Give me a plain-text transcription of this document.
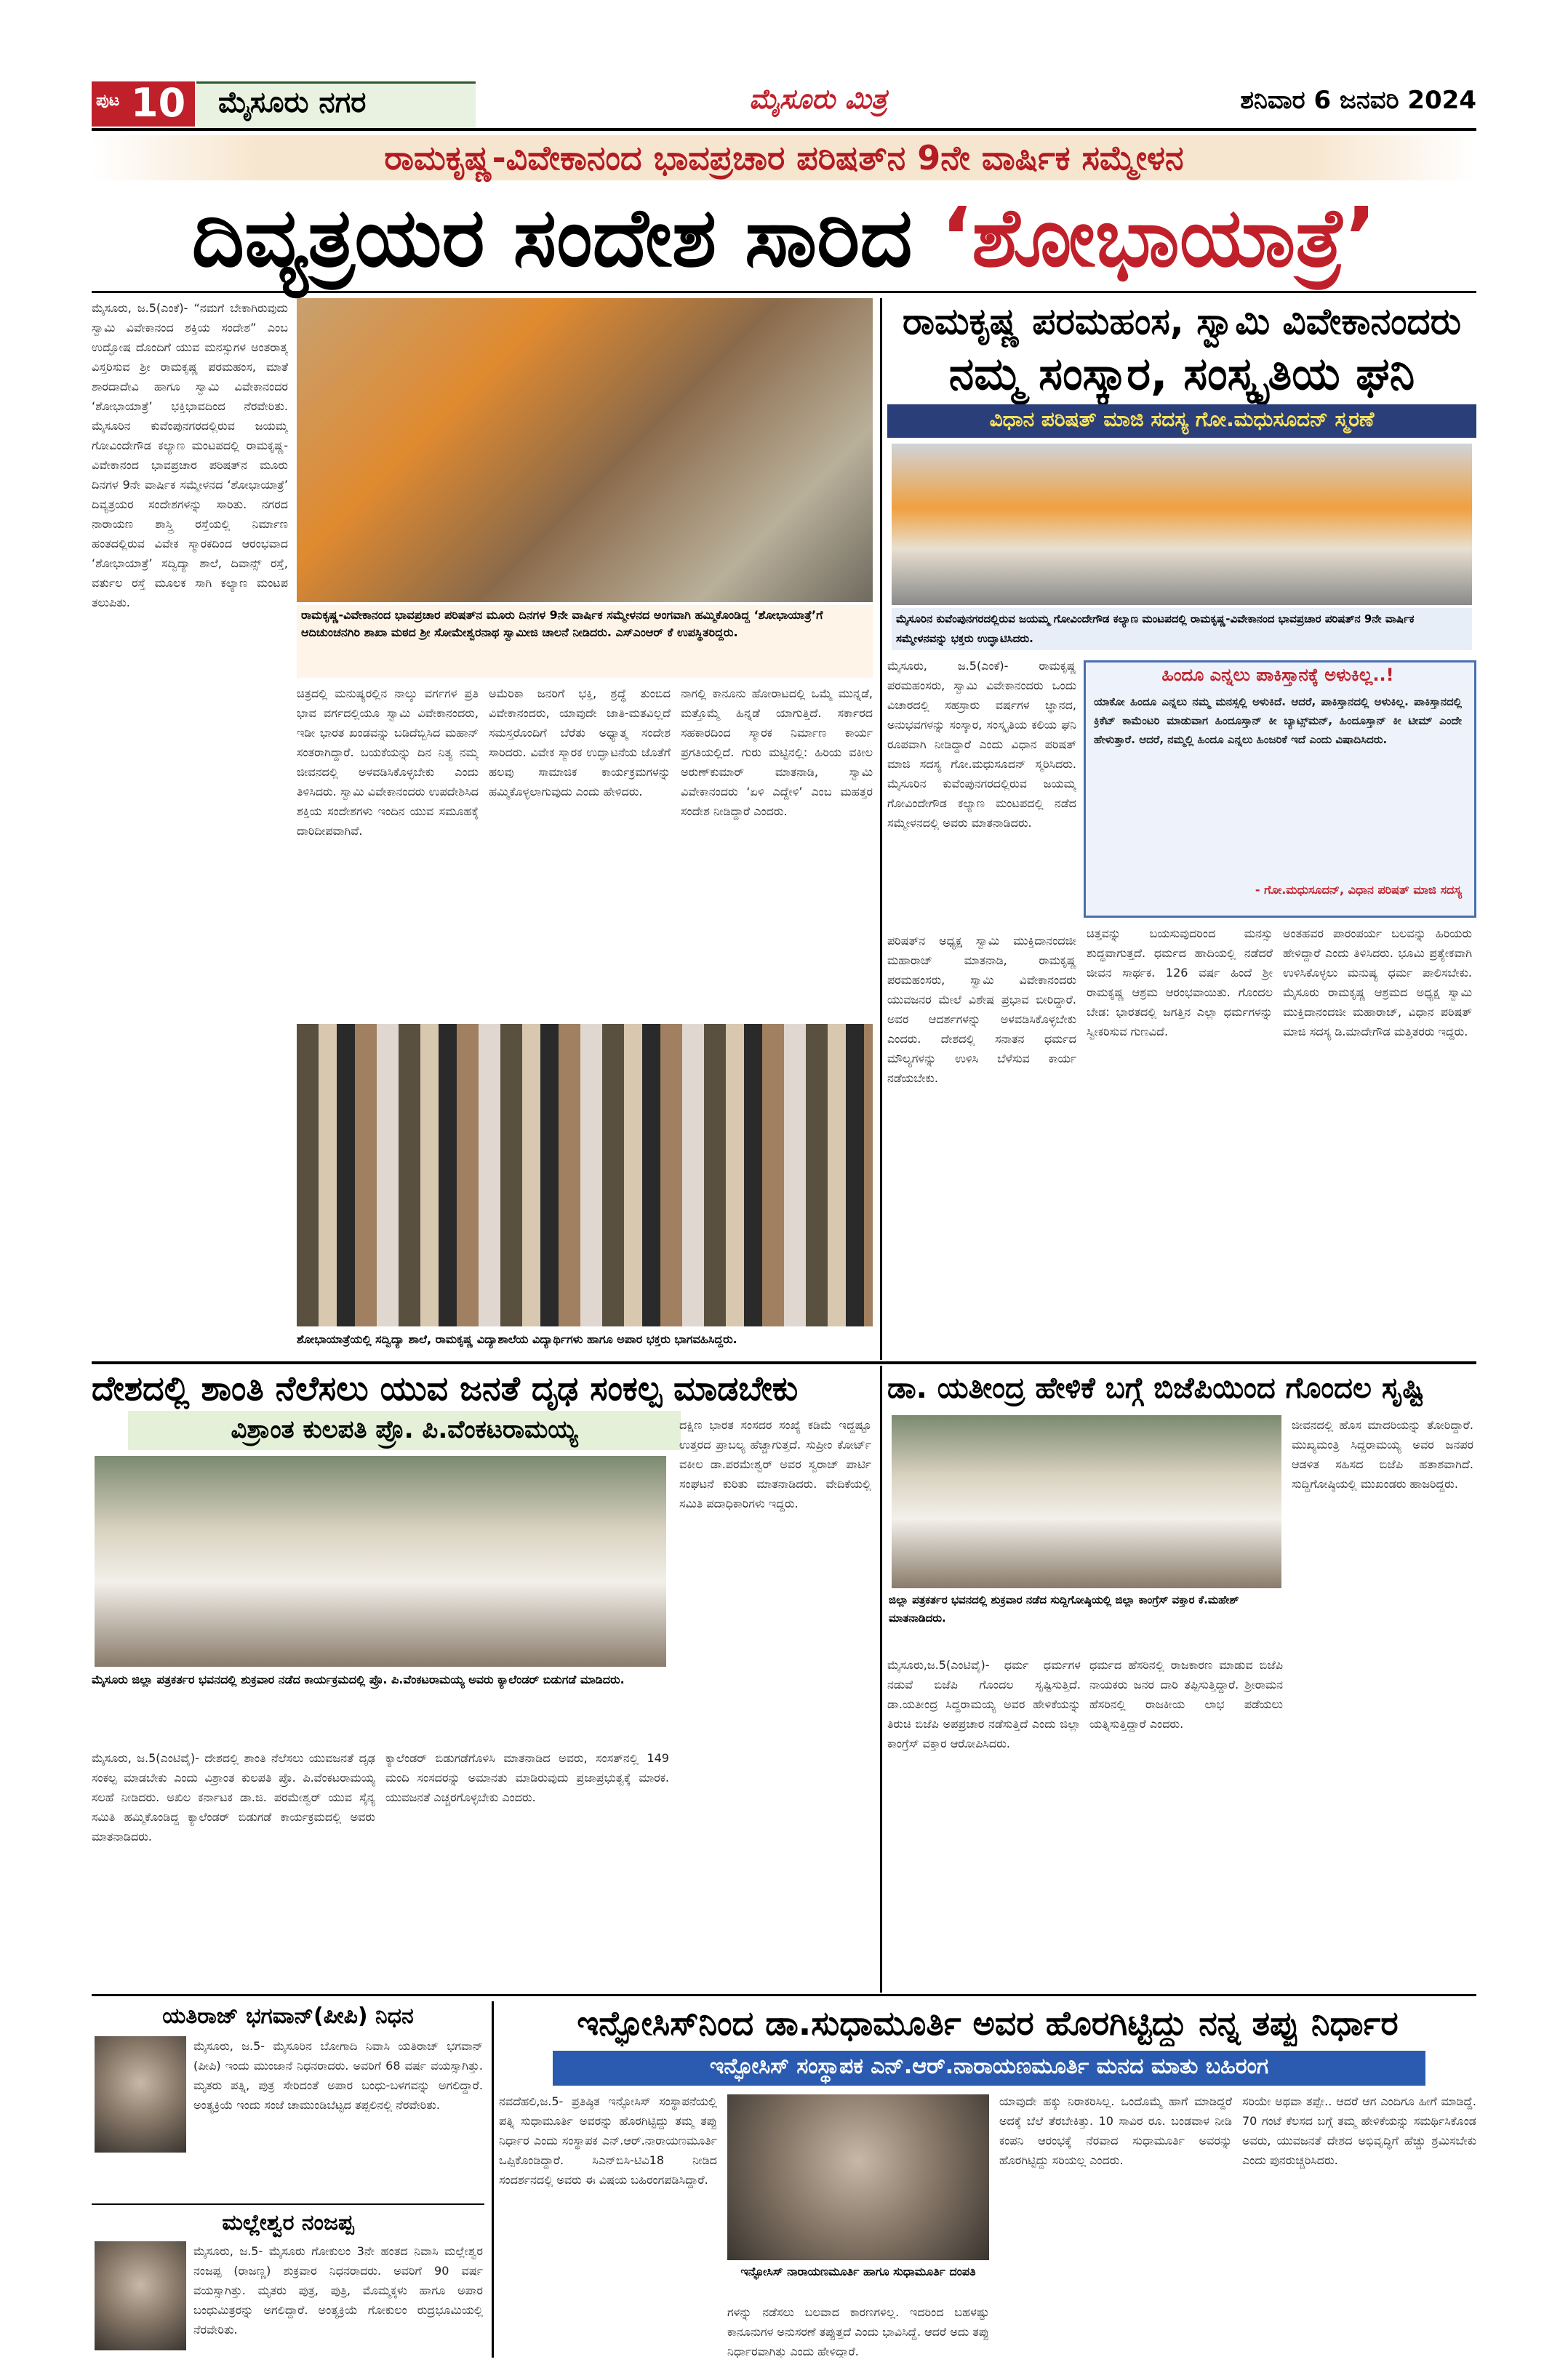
ಪುಟ 10 ಮೈಸೂರು ನಗರ	ಮೈಸೂರು ಮಿತ್ರ	ಶನಿವಾರ 6 ಜನವರಿ 2024
ರಾಮಕೃಷ್ಣ-ವಿವೇಕಾನಂದ ಭಾವಪ್ರಚಾರ ಪರಿಷತ್‌ನ 9ನೇ ವಾರ್ಷಿಕ ಸಮ್ಮೇಳನ
ದಿವ್ಯತ್ರಯರ ಸಂದೇಶ ಸಾರಿದ ‘ಶೋಭಾಯಾತ್ರೆ’
ಮೈಸೂರು, ಜ.5(ಎಂಕೆ)- “ನಮಗೆ ಬೇಕಾಗಿರುವುದು ಸ್ವಾಮಿ ವಿವೇಕಾನಂದ ಶಕ್ತಿಯ ಸಂದೇಶ” ಎಂಬ ಉದ್ಘೋಷ ದೊಂದಿಗೆ ಯುವ ಮನಸ್ಸುಗಳ ಅಂತರಾತ್ಮ ವಿಸ್ತರಿಸುವ ಶ್ರೀ ರಾಮಕೃಷ್ಣ ಪರಮಹಂಸ, ಮಾತೆ ಶಾರದಾದೇವಿ ಹಾಗೂ ಸ್ವಾಮಿ ವಿವೇಕಾನಂದರ ‘ಶೋಭಾಯಾತ್ರೆ’ ಭಕ್ತಿಭಾವದಿಂದ ನೆರವೇರಿತು. ಮೈಸೂರಿನ ಕುವೆಂಪುನಗರದಲ್ಲಿರುವ ಜಯಮ್ಮ ಗೋವಿಂದೇಗೌಡ ಕಲ್ಯಾಣ ಮಂಟಪದಲ್ಲಿ ರಾಮಕೃಷ್ಣ-ವಿವೇಕಾನಂದ ಭಾವಪ್ರಚಾರ ಪರಿಷತ್‌ನ ಮೂರು ದಿನಗಳ 9ನೇ ವಾರ್ಷಿಕ ಸಮ್ಮೇಳನದ ‘ಶೋಭಾಯಾತ್ರೆ’ ದಿವ್ಯತ್ರಯರ ಸಂದೇಶಗಳನ್ನು ಸಾರಿತು. ನಗರದ ನಾರಾಯಣ ಶಾಸ್ತ್ರಿ ರಸ್ತೆಯಲ್ಲಿ ನಿರ್ಮಾಣ ಹಂತದಲ್ಲಿರುವ ವಿವೇಕ ಸ್ಮಾರಕದಿಂದ ಆರಂಭವಾದ ‘ಶೋಭಾಯಾತ್ರೆ’ ಸದ್ವಿದ್ಯಾ ಶಾಲೆ, ದಿವಾನ್ಸ್ ರಸ್ತೆ, ವರ್ತುಲ ರಸ್ತೆ ಮೂಲಕ ಸಾಗಿ ಕಲ್ಯಾಣ ಮಂಟಪ ತಲುಪಿತು.
ರಾಮಕೃಷ್ಣ-ವಿವೇಕಾನಂದ ಭಾವಪ್ರಚಾರ ಪರಿಷತ್‌ನ ಮೂರು ದಿನಗಳ 9ನೇ ವಾರ್ಷಿಕ ಸಮ್ಮೇಳನದ ಅಂಗವಾಗಿ ಹಮ್ಮಿಕೊಂಡಿದ್ದ ‘ಶೋಭಾಯಾತ್ರೆ’ಗೆ ಆದಿಚುಂಚನಗಿರಿ ಶಾಖಾ ಮಠದ ಶ್ರೀ ಸೋಮೇಶ್ವರನಾಥ ಸ್ವಾಮೀಜಿ ಚಾಲನೆ ನೀಡಿದರು. ಎಸ್‌ಎಂಆರ್ ಕೆ ಉಪಸ್ಥಿತರಿದ್ದರು.
ಚಿತ್ರದಲ್ಲಿ ಮನುಷ್ಯರಲ್ಲಿನ ನಾಲ್ಕು ವರ್ಗಗಳ ಪ್ರತಿ ಭಾವ ವರ್ಗದಲ್ಲಿಯೂ ಸ್ವಾಮಿ ವಿವೇಕಾನಂದರು, ಇಡೀ ಭಾರತ ಖಂಡವನ್ನು ಬಡಿದೆಬ್ಬಿಸಿದ ಮಹಾನ್ ಸಂತರಾಗಿದ್ದಾರೆ. ಬಯಕೆಯನ್ನು ದಿನ ನಿತ್ಯ ನಮ್ಮ ಜೀವನದಲ್ಲಿ ಅಳವಡಿಸಿಕೊಳ್ಳಬೇಕು ಎಂದು ತಿಳಿಸಿದರು. ಸ್ವಾಮಿ ವಿವೇಕಾನಂದರು ಉಪದೇಶಿಸಿದ ಶಕ್ತಿಯ ಸಂದೇಶಗಳು ಇಂದಿನ ಯುವ ಸಮೂಹಕ್ಕೆ ದಾರಿದೀಪವಾಗಿವೆ.
ಅಮೆರಿಕಾ ಜನರಿಗೆ ಭಕ್ತಿ, ಶ್ರದ್ಧೆ ತುಂಬಿದ ವಿವೇಕಾನಂದರು, ಯಾವುದೇ ಜಾತಿ-ಮತವಿಲ್ಲದೆ ಸಮಸ್ತರೊಂದಿಗೆ ಬೆರೆತು ಅಧ್ಯಾತ್ಮ ಸಂದೇಶ ಸಾರಿದರು. ವಿವೇಕ ಸ್ಮಾರಕ ಉದ್ಘಾಟನೆಯ ಜೊತೆಗೆ ಹಲವು ಸಾಮಾಜಿಕ ಕಾರ್ಯಕ್ರಮಗಳನ್ನು ಹಮ್ಮಿಕೊಳ್ಳಲಾಗುವುದು ಎಂದು ಹೇಳಿದರು.
ನಾಗಲ್ಲಿ ಕಾನೂನು ಹೋರಾಟದಲ್ಲಿ ಒಮ್ಮೆ ಮುನ್ನಡೆ, ಮತ್ತೊಮ್ಮೆ ಹಿನ್ನಡೆ ಯಾಗುತ್ತಿದೆ. ಸರ್ಕಾರದ ಸಹಕಾರದಿಂದ ಸ್ಮಾರಕ ನಿರ್ಮಾಣ ಕಾರ್ಯ ಪ್ರಗತಿಯಲ್ಲಿದೆ. ಗುರು ಮಟ್ಟಿನಲ್ಲಿ: ಹಿರಿಯ ವಕೀಲ ಅರುಣ್‌ಕುಮಾರ್ ಮಾತನಾಡಿ, ಸ್ವಾಮಿ ವಿವೇಕಾನಂದರು ‘ಏಳಿ ಎದ್ದೇಳಿ’ ಎಂಬ ಮಹತ್ತರ ಸಂದೇಶ ನೀಡಿದ್ದಾರೆ ಎಂದರು.
ಶೋಭಾಯಾತ್ರೆಯಲ್ಲಿ ಸದ್ವಿದ್ಯಾ ಶಾಲೆ, ರಾಮಕೃಷ್ಣ ವಿದ್ಯಾಶಾಲೆಯ ವಿದ್ಯಾರ್ಥಿಗಳು ಹಾಗೂ ಅಪಾರ ಭಕ್ತರು ಭಾಗವಹಿಸಿದ್ದರು.
ರಾಮಕೃಷ್ಣ ಪರಮಹಂಸ, ಸ್ವಾಮಿ ವಿವೇಕಾನಂದರು
ನಮ್ಮ ಸಂಸ್ಕಾರ, ಸಂಸ್ಕೃತಿಯ ಘನಿ
ವಿಧಾನ ಪರಿಷತ್ ಮಾಜಿ ಸದಸ್ಯ ಗೋ.ಮಧುಸೂದನ್ ಸ್ಮರಣೆ
ಮೈಸೂರಿನ ಕುವೆಂಪುನಗರದಲ್ಲಿರುವ ಜಯಮ್ಮ ಗೋವಿಂದೇಗೌಡ ಕಲ್ಯಾಣ ಮಂಟಪದಲ್ಲಿ ರಾಮಕೃಷ್ಣ-ವಿವೇಕಾನಂದ ಭಾವಪ್ರಚಾರ ಪರಿಷತ್‌ನ 9ನೇ ವಾರ್ಷಿಕ ಸಮ್ಮೇಳನವನ್ನು ಭಕ್ತರು ಉದ್ಘಾಟಿಸಿದರು.
ಮೈಸೂರು, ಜ.5(ಎಂಕೆ)- ರಾಮಕೃಷ್ಣ ಪರಮಹಂಸರು, ಸ್ವಾಮಿ ವಿವೇಕಾನಂದರು ಒಂದು ವಿಚಾರದಲ್ಲಿ ಸಹಸ್ರಾರು ವರ್ಷಗಳ ಜ್ಞಾನದ, ಅನುಭವಗಳನ್ನು ಸಂಸ್ಕಾರ, ಸಂಸ್ಕೃತಿಯ ಕಲಿಯ ಘನಿ ರೂಪವಾಗಿ ನೀಡಿದ್ದಾರೆ ಎಂದು ವಿಧಾನ ಪರಿಷತ್ ಮಾಜಿ ಸದಸ್ಯ ಗೋ.ಮಧುಸೂದನ್ ಸ್ಮರಿಸಿದರು. ಮೈಸೂರಿನ ಕುವೆಂಪುನಗರದಲ್ಲಿರುವ ಜಯಮ್ಮ ಗೋವಿಂದೇಗೌಡ ಕಲ್ಯಾಣ ಮಂಟಪದಲ್ಲಿ ನಡೆದ ಸಮ್ಮೇಳನದಲ್ಲಿ ಅವರು ಮಾತನಾಡಿದರು.
ಹಿಂದೂ ಎನ್ನಲು ಪಾಕಿಸ್ತಾನಕ್ಕೆ ಅಳುಕಿಲ್ಲ..!
ಯಾಕೋ ಹಿಂದೂ ಎನ್ನಲು ನಮ್ಮ ಮನಸ್ಸಲ್ಲಿ ಅಳುಕಿದೆ. ಆದರೆ, ಪಾಕಿಸ್ತಾನದಲ್ಲಿ ಅಳುಕಿಲ್ಲ. ಪಾಕಿಸ್ತಾನದಲ್ಲಿ ಕ್ರಿಕೆಟ್ ಕಾಮೆಂಟರಿ ಮಾಡುವಾಗ ಹಿಂದೂಸ್ತಾನ್ ಕೀ ಬ್ಯಾಟ್ಸ್‌ಮನ್, ಹಿಂದೂಸ್ತಾನ್ ಕೀ ಟೀಮ್ ಎಂದೇ ಹೇಳುತ್ತಾರೆ. ಆದರೆ, ನಮ್ಮಲ್ಲಿ ಹಿಂದೂ ಎನ್ನಲು ಹಿಂಜರಿಕೆ ಇದೆ ಎಂದು ವಿಷಾದಿಸಿದರು.
- ಗೋ.ಮಧುಸೂದನ್, ವಿಧಾನ ಪರಿಷತ್ ಮಾಜಿ ಸದಸ್ಯ
ಪರಿಷತ್‌ನ ಅಧ್ಯಕ್ಷ ಸ್ವಾಮಿ ಮುಕ್ತಿದಾನಂದಜೀ ಮಹಾರಾಜ್ ಮಾತನಾಡಿ, ರಾಮಕೃಷ್ಣ ಪರಮಹಂಸರು, ಸ್ವಾಮಿ ವಿವೇಕಾನಂದರು ಯುವಜನರ ಮೇಲೆ ವಿಶೇಷ ಪ್ರಭಾವ ಬೀರಿದ್ದಾರೆ. ಅವರ ಆದರ್ಶಗಳನ್ನು ಅಳವಡಿಸಿಕೊಳ್ಳಬೇಕು ಎಂದರು. ದೇಶದಲ್ಲಿ ಸನಾತನ ಧರ್ಮದ ಮೌಲ್ಯಗಳನ್ನು ಉಳಿಸಿ ಬೆಳೆಸುವ ಕಾರ್ಯ ನಡೆಯಬೇಕು.
ಚಿತ್ತವನ್ನು ಬಯಸುವುದರಿಂದ ಮನಸ್ಸು ಶುದ್ಧವಾಗುತ್ತದೆ. ಧರ್ಮದ ಹಾದಿಯಲ್ಲಿ ನಡೆದರೆ ಜೀವನ ಸಾರ್ಥಕ. 126 ವರ್ಷ ಹಿಂದೆ ಶ್ರೀ ರಾಮಕೃಷ್ಣ ಆಶ್ರಮ ಆರಂಭವಾಯಿತು. ಗೊಂದಲ ಬೇಡ: ಭಾರತದಲ್ಲಿ ಜಗತ್ತಿನ ಎಲ್ಲಾ ಧರ್ಮಗಳನ್ನು ಸ್ವೀಕರಿಸುವ ಗುಣವಿದೆ.
ಅಂತಹವರ ಪಾರಂಪರ್ಯ ಬಲವನ್ನು ಹಿರಿಯರು ಹೇಳಿದ್ದಾರೆ ಎಂದು ತಿಳಿಸಿದರು. ಭೂಮಿ ಪ್ರತ್ಯೇಕವಾಗಿ ಉಳಿಸಿಕೊಳ್ಳಲು ಮನುಷ್ಯ ಧರ್ಮ ಪಾಲಿಸಬೇಕು. ಮೈಸೂರು ರಾಮಕೃಷ್ಣ ಆಶ್ರಮದ ಅಧ್ಯಕ್ಷ ಸ್ವಾಮಿ ಮುಕ್ತಿದಾನಂದಜೀ ಮಹಾರಾಜ್, ವಿಧಾನ ಪರಿಷತ್ ಮಾಜಿ ಸದಸ್ಯ ಡಿ.ಮಾದೇಗೌಡ ಮತ್ತಿತರರು ಇದ್ದರು.
ದೇಶದಲ್ಲಿ ಶಾಂತಿ ನೆಲೆಸಲು ಯುವ ಜನತೆ ದೃಢ ಸಂಕಲ್ಪ ಮಾಡಬೇಕು
ವಿಶ್ರಾಂತ ಕುಲಪತಿ ಪ್ರೊ. ಪಿ.ವೆಂಕಟರಾಮಯ್ಯ
ಮೈಸೂರು ಜಿಲ್ಲಾ ಪತ್ರಕರ್ತರ ಭವನದಲ್ಲಿ ಶುಕ್ರವಾರ ನಡೆದ ಕಾರ್ಯಕ್ರಮದಲ್ಲಿ ಪ್ರೊ. ಪಿ.ವೆಂಕಟರಾಮಯ್ಯ ಅವರು ಕ್ಯಾಲೆಂಡರ್ ಬಿಡುಗಡೆ ಮಾಡಿದರು.
ದಕ್ಷಿಣ ಭಾರತ ಸಂಸದರ ಸಂಖ್ಯೆ ಕಡಿಮೆ ಇದ್ದಷ್ಟೂ ಉತ್ತರದ ಪ್ರಾಬಲ್ಯ ಹೆಚ್ಚಾಗುತ್ತದೆ. ಸುಪ್ರೀಂ ಕೋರ್ಟ್ ವಕೀಲ ಡಾ.ಪರಮೇಶ್ವರ್ ಅವರ ಸ್ವರಾಜ್ ಪಾರ್ಟಿ ಸಂಘಟನೆ ಕುರಿತು ಮಾತನಾಡಿದರು. ವೇದಿಕೆಯಲ್ಲಿ ಸಮಿತಿ ಪದಾಧಿಕಾರಿಗಳು ಇದ್ದರು.
ಮೈಸೂರು, ಜ.5(ಎಂಟಿವೈ)- ದೇಶದಲ್ಲಿ ಶಾಂತಿ ನೆಲೆಸಲು ಯುವಜನತೆ ದೃಢ ಸಂಕಲ್ಪ ಮಾಡಬೇಕು ಎಂದು ವಿಶ್ರಾಂತ ಕುಲಪತಿ ಪ್ರೊ. ಪಿ.ವೆಂಕಟರಾಮಯ್ಯ ಸಲಹೆ ನೀಡಿದರು. ಅಖಿಲ ಕರ್ನಾಟಕ ಡಾ.ಜಿ. ಪರಮೇಶ್ವರ್ ಯುವ ಸೈನ್ಯ ಸಮಿತಿ ಹಮ್ಮಿಕೊಂಡಿದ್ದ ಕ್ಯಾಲೆಂಡರ್ ಬಿಡುಗಡೆ ಕಾರ್ಯಕ್ರಮದಲ್ಲಿ ಅವರು ಮಾತನಾಡಿದರು.
ಕ್ಯಾಲೆಂಡರ್ ಬಿಡುಗಡೆಗೊಳಿಸಿ ಮಾತನಾಡಿದ ಅವರು, ಸಂಸತ್‌ನಲ್ಲಿ 149 ಮಂದಿ ಸಂಸದರನ್ನು ಅಮಾನತು ಮಾಡಿರುವುದು ಪ್ರಜಾಪ್ರಭುತ್ವಕ್ಕೆ ಮಾರಕ. ಯುವಜನತೆ ಎಚ್ಚರಗೊಳ್ಳಬೇಕು ಎಂದರು.
ಡಾ. ಯತೀಂದ್ರ ಹೇಳಿಕೆ ಬಗ್ಗೆ ಬಿಜೆಪಿಯಿಂದ ಗೊಂದಲ ಸೃಷ್ಟಿ
ಜಿಲ್ಲಾ ಪತ್ರಕರ್ತರ ಭವನದಲ್ಲಿ ಶುಕ್ರವಾರ ನಡೆದ ಸುದ್ದಿಗೋಷ್ಠಿಯಲ್ಲಿ ಜಿಲ್ಲಾ ಕಾಂಗ್ರೆಸ್ ವಕ್ತಾರ ಕೆ.ಮಹೇಶ್ ಮಾತನಾಡಿದರು.
ಜೀವನದಲ್ಲಿ ಹೊಸ ಮಾದರಿಯನ್ನು ತೋರಿದ್ದಾರೆ. ಮುಖ್ಯಮಂತ್ರಿ ಸಿದ್ದರಾಮಯ್ಯ ಅವರ ಜನಪರ ಆಡಳಿತ ಸಹಿಸದ ಬಿಜೆಪಿ ಹತಾಶವಾಗಿದೆ. ಸುದ್ದಿಗೋಷ್ಠಿಯಲ್ಲಿ ಮುಖಂಡರು ಹಾಜರಿದ್ದರು.
ಮೈಸೂರು,ಜ.5(ಎಂಟಿವೈ)- ಧರ್ಮ ಧರ್ಮಗಳ ನಡುವೆ ಬಿಜೆಪಿ ಗೊಂದಲ ಸೃಷ್ಟಿಸುತ್ತಿದೆ. ಡಾ.ಯತೀಂದ್ರ ಸಿದ್ದರಾಮಯ್ಯ ಅವರ ಹೇಳಿಕೆಯನ್ನು ತಿರುಚಿ ಬಿಜೆಪಿ ಅಪಪ್ರಚಾರ ನಡೆಸುತ್ತಿದೆ ಎಂದು ಜಿಲ್ಲಾ ಕಾಂಗ್ರೆಸ್ ವಕ್ತಾರ ಆರೋಪಿಸಿದರು.
ಧರ್ಮದ ಹೆಸರಿನಲ್ಲಿ ರಾಜಕಾರಣ ಮಾಡುವ ಬಿಜೆಪಿ ನಾಯಕರು ಜನರ ದಾರಿ ತಪ್ಪಿಸುತ್ತಿದ್ದಾರೆ. ಶ್ರೀರಾಮನ ಹೆಸರಿನಲ್ಲಿ ರಾಜಕೀಯ ಲಾಭ ಪಡೆಯಲು ಯತ್ನಿಸುತ್ತಿದ್ದಾರೆ ಎಂದರು.
ಯತಿರಾಜ್ ಭಗವಾನ್(ಪೀಪಿ) ನಿಧನ
ಮೈಸೂರು, ಜ.5- ಮೈಸೂರಿನ ಬೋಗಾದಿ ನಿವಾಸಿ ಯತಿರಾಜ್ ಭಗವಾನ್ (ಪೀಪಿ) ಇಂದು ಮುಂಜಾನೆ ನಿಧನರಾದರು. ಅವರಿಗೆ 68 ವರ್ಷ ವಯಸ್ಸಾಗಿತ್ತು. ಮೃತರು ಪತ್ನಿ, ಪುತ್ರ ಸೇರಿದಂತೆ ಅಪಾರ ಬಂಧು-ಬಳಗವನ್ನು ಅಗಲಿದ್ದಾರೆ. ಅಂತ್ಯಕ್ರಿಯೆ ಇಂದು ಸಂಜೆ ಚಾಮುಂಡಿಬೆಟ್ಟದ ತಪ್ಪಲಿನಲ್ಲಿ ನೆರವೇರಿತು.
ಮಲ್ಲೇಶ್ವರ ನಂಜಪ್ಪ
ಮೈಸೂರು, ಜ.5- ಮೈಸೂರು ಗೋಕುಲಂ 3ನೇ ಹಂತದ ನಿವಾಸಿ ಮಲ್ಲೇಶ್ವರ ನಂಜಪ್ಪ (ರಾಜಣ್ಣ) ಶುಕ್ರವಾರ ನಿಧನರಾದರು. ಅವರಿಗೆ 90 ವರ್ಷ ವಯಸ್ಸಾಗಿತ್ತು. ಮೃತರು ಪುತ್ರ, ಪುತ್ರಿ, ಮೊಮ್ಮಕ್ಕಳು ಹಾಗೂ ಅಪಾರ ಬಂಧುಮಿತ್ರರನ್ನು ಅಗಲಿದ್ದಾರೆ. ಅಂತ್ಯಕ್ರಿಯೆ ಗೋಕುಲಂ ರುದ್ರಭೂಮಿಯಲ್ಲಿ ನೆರವೇರಿತು.
ಇನ್ಫೋಸಿಸ್‌ನಿಂದ ಡಾ.ಸುಧಾಮೂರ್ತಿ ಅವರ ಹೊರಗಿಟ್ಟಿದ್ದು ನನ್ನ ತಪ್ಪು ನಿರ್ಧಾರ
ಇನ್ಫೋಸಿಸ್ ಸಂಸ್ಥಾಪಕ ಎನ್.ಆರ್.ನಾರಾಯಣಮೂರ್ತಿ ಮನದ ಮಾತು ಬಹಿರಂಗ
ನವದೆಹಲಿ,ಜ.5- ಪ್ರತಿಷ್ಠಿತ ಇನ್ಫೋಸಿಸ್ ಸಂಸ್ಥಾಪನೆಯಲ್ಲಿ ಪತ್ನಿ ಸುಧಾಮೂರ್ತಿ ಅವರನ್ನು ಹೊರಗಿಟ್ಟಿದ್ದು ತಮ್ಮ ತಪ್ಪು ನಿರ್ಧಾರ ಎಂದು ಸಂಸ್ಥಾಪಕ ಎನ್.ಆರ್.ನಾರಾಯಣಮೂರ್ತಿ ಒಪ್ಪಿಕೊಂಡಿದ್ದಾರೆ. ಸಿಎನ್‌ಬಿಸಿ-ಟಿವಿ18 ನೀಡಿದ ಸಂದರ್ಶನದಲ್ಲಿ ಅವರು ಈ ವಿಷಯ ಬಹಿರಂಗಪಡಿಸಿದ್ದಾರೆ.
ಇನ್ಫೋಸಿಸ್ ನಾರಾಯಣಮೂರ್ತಿ ಹಾಗೂ ಸುಧಾಮೂರ್ತಿ ದಂಪತಿ
ಗಳನ್ನು ನಡೆಸಲು ಬಲವಾದ ಕಾರಣಗಳಿಲ್ಲ. ಇದರಿಂದ ಬಹಳಷ್ಟು ಕಾನೂನುಗಳ ಅನುಸರಣೆ ತಪ್ಪುತ್ತದೆ ಎಂದು ಭಾವಿಸಿದ್ದೆ. ಆದರೆ ಅದು ತಪ್ಪು ನಿರ್ಧಾರವಾಗಿತ್ತು ಎಂದು ಹೇಳಿದ್ದಾರೆ.
ಯಾವುದೇ ಹಕ್ಕು ನಿರಾಕರಿಸಿಲ್ಲ. ಒಂದೊಮ್ಮೆ ಹಾಗೆ ಮಾಡಿದ್ದರೆ ಅದಕ್ಕೆ ಬೆಲೆ ತೆರಬೇಕಿತ್ತು. 10 ಸಾವಿರ ರೂ. ಬಂಡವಾಳ ನೀಡಿ ಕಂಪನಿ ಆರಂಭಕ್ಕೆ ನೆರವಾದ ಸುಧಾಮೂರ್ತಿ ಅವರನ್ನು ಹೊರಗಿಟ್ಟಿದ್ದು ಸರಿಯಲ್ಲ ಎಂದರು.
ಸರಿಯೇ ಅಥವಾ ತಪ್ಪೇ.. ಆದರೆ ಆಗ ಎಂದಿಗೂ ಹೀಗೆ ಮಾಡಿದ್ದೆ. 70 ಗಂಟೆ ಕೆಲಸದ ಬಗ್ಗೆ ತಮ್ಮ ಹೇಳಿಕೆಯನ್ನು ಸಮರ್ಥಿಸಿಕೊಂಡ ಅವರು, ಯುವಜನತೆ ದೇಶದ ಅಭಿವೃದ್ಧಿಗೆ ಹೆಚ್ಚು ಶ್ರಮಿಸಬೇಕು ಎಂದು ಪುನರುಚ್ಚರಿಸಿದರು.
